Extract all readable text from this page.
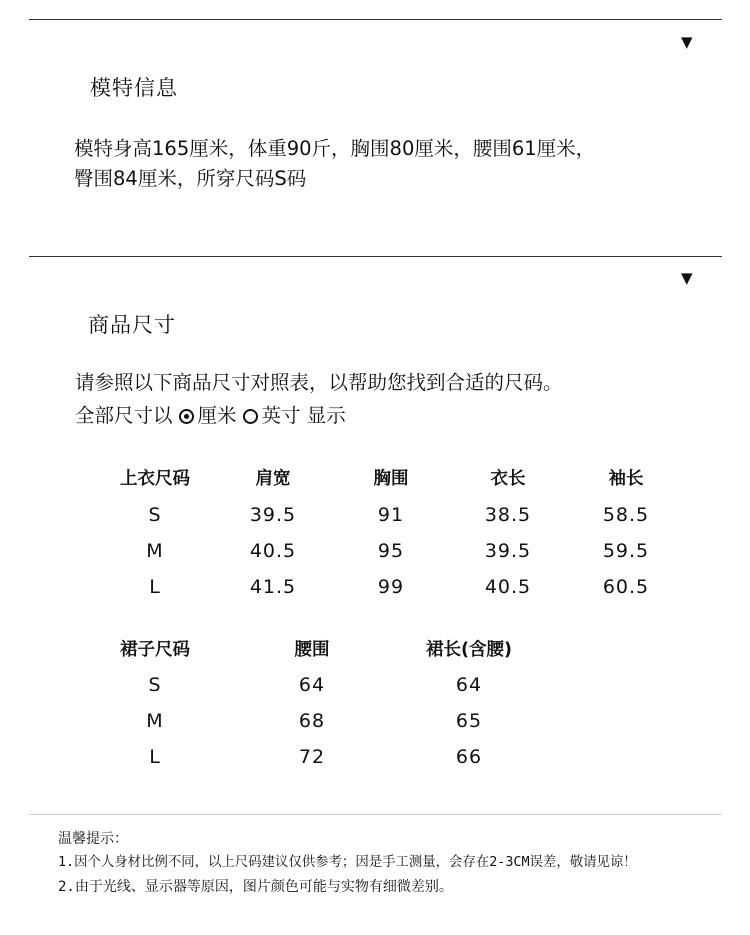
▼
模特信息
模特身高165厘米，体重90斤，胸围80厘米，腰围61厘米，
臀围84厘米，所穿尺码S码
▼
商品尺寸
请参照以下商品尺寸对照表，以帮助您找到合适的尺码。
全部尺寸以 厘米 英寸 显示
上衣尺码	肩宽	胸围	衣长	袖长
S	39.5	91	38.5	58.5
M	40.5	95	39.5	59.5
L	41.5	99	40.5	60.5
裙子尺码	腰围	裙长(含腰)
S	64	64
M	68	65
L	72	66
温馨提示：
1.因个人身材比例不同，以上尺码建议仅供参考；因是手工测量，会存在2-3CM误差，敬请见谅！
2.由于光线、显示器等原因，图片颜色可能与实物有细微差别。
